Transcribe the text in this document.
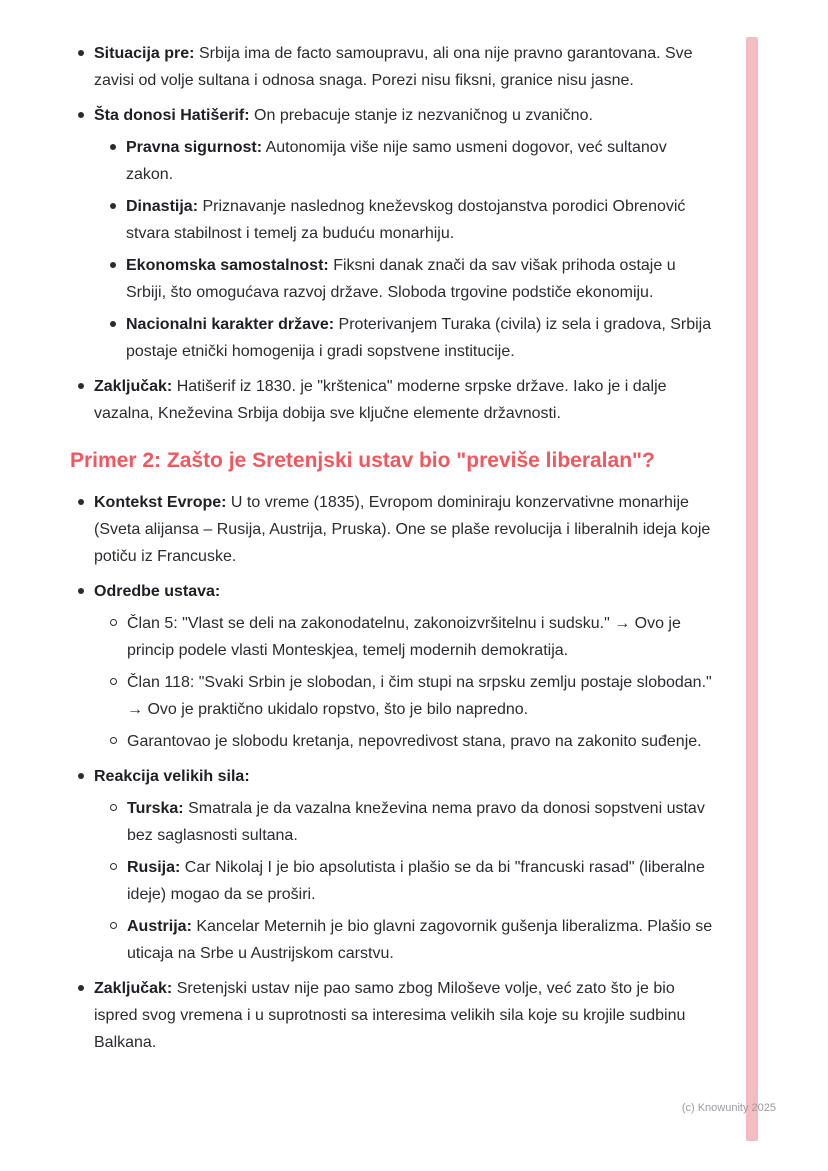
Situacija pre: Srbija ima de facto samoupravu, ali ona nije pravno garantovana. Sve zavisi od volje sultana i odnosa snaga. Porezi nisu fiksni, granice nisu jasne.
Šta donosi Hatišerif: On prebacuje stanje iz nezvaničnog u zvanično.
Pravna sigurnost: Autonomija više nije samo usmeni dogovor, već sultanov zakon.
Dinastija: Priznavanje naslednog kneževskog dostojanstva porodici Obrenović stvara stabilnost i temelj za buduću monarhiju.
Ekonomska samostalnost: Fiksni danak znači da sav višak prihoda ostaje u Srbiji, što omogućava razvoj države. Sloboda trgovine podstiče ekonomiju.
Nacionalni karakter države: Proterivanjem Turaka (civila) iz sela i gradova, Srbija postaje etnički homogenija i gradi sopstvene institucije.
Zaključak: Hatišerif iz 1830. je "krštenica" moderne srpske države. Iako je i dalje vazalna, Kneževina Srbija dobija sve ključne elemente državnosti.
Primer 2: Zašto je Sretenjski ustav bio "previše liberalan"?
Kontekst Evrope: U to vreme (1835), Evropom dominiraju konzervativne monarhije (Sveta alijansa – Rusija, Austrija, Pruska). One se plaše revolucija i liberalnih ideja koje potiču iz Francuske.
Odredbe ustava:
Član 5: "Vlast se deli na zakonodatelnu, zakonoizvršitelnu i sudsku." → Ovo je princip podele vlasti Monteskjea, temelj modernih demokratija.
Član 118: "Svaki Srbin je slobodan, i čim stupi na srpsku zemlju postaje slobodan." → Ovo je praktično ukidalo ropstvo, što je bilo napredno.
Garantovao je slobodu kretanja, nepovredivost stana, pravo na zakonito suđenje.
Reakcija velikih sila:
Turska: Smatrala je da vazalna kneževina nema pravo da donosi sopstveni ustav bez saglasnosti sultana.
Rusija: Car Nikolaj I je bio apsolutista i plašio se da bi "francuski rasad" (liberalne ideje) mogao da se proširi.
Austrija: Kancelar Meternih je bio glavni zagovornik gušenja liberalizma. Plašio se uticaja na Srbe u Austrijskom carstvu.
Zaključak: Sretenjski ustav nije pao samo zbog Miloševe volje, već zato što je bio ispred svog vremena i u suprotnosti sa interesima velikih sila koje su krojile sudbinu Balkana.
(c) Knowunity 2025
